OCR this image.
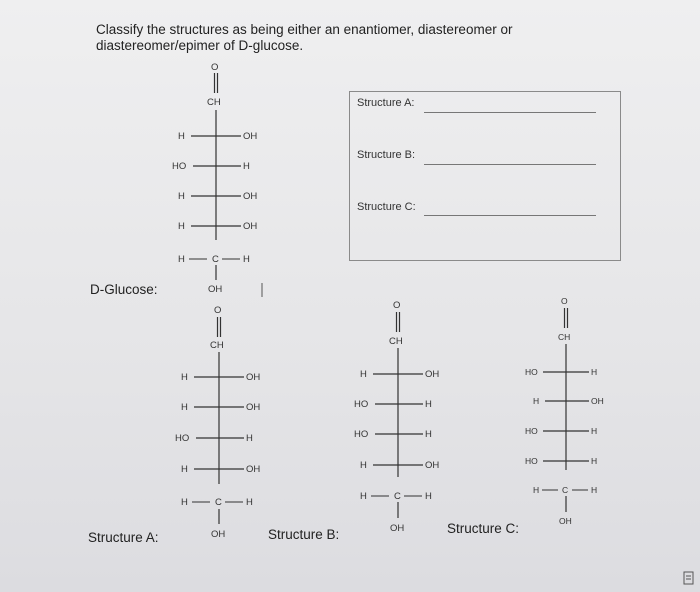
Classify the structures as being either an enantiomer, diastereomer or
diastereomer/epimer of D-glucose.
D-Glucose:
Structure A:	Structure B:	Structure C:
Structure A:
Structure B:
Structure C:
O
CH
H	OH
HO	H
H	OH
H	OH
H	C	H
OH
O
CH
H	OH
H	OH
HO	H
H	OH
H	C	H
OH
O
CH
H	OH
HO	H
HO	H
H	OH
H	C	H
OH
O
CH
HO	H
H	OH
HO	H
HO	H
H	C	H
OH
